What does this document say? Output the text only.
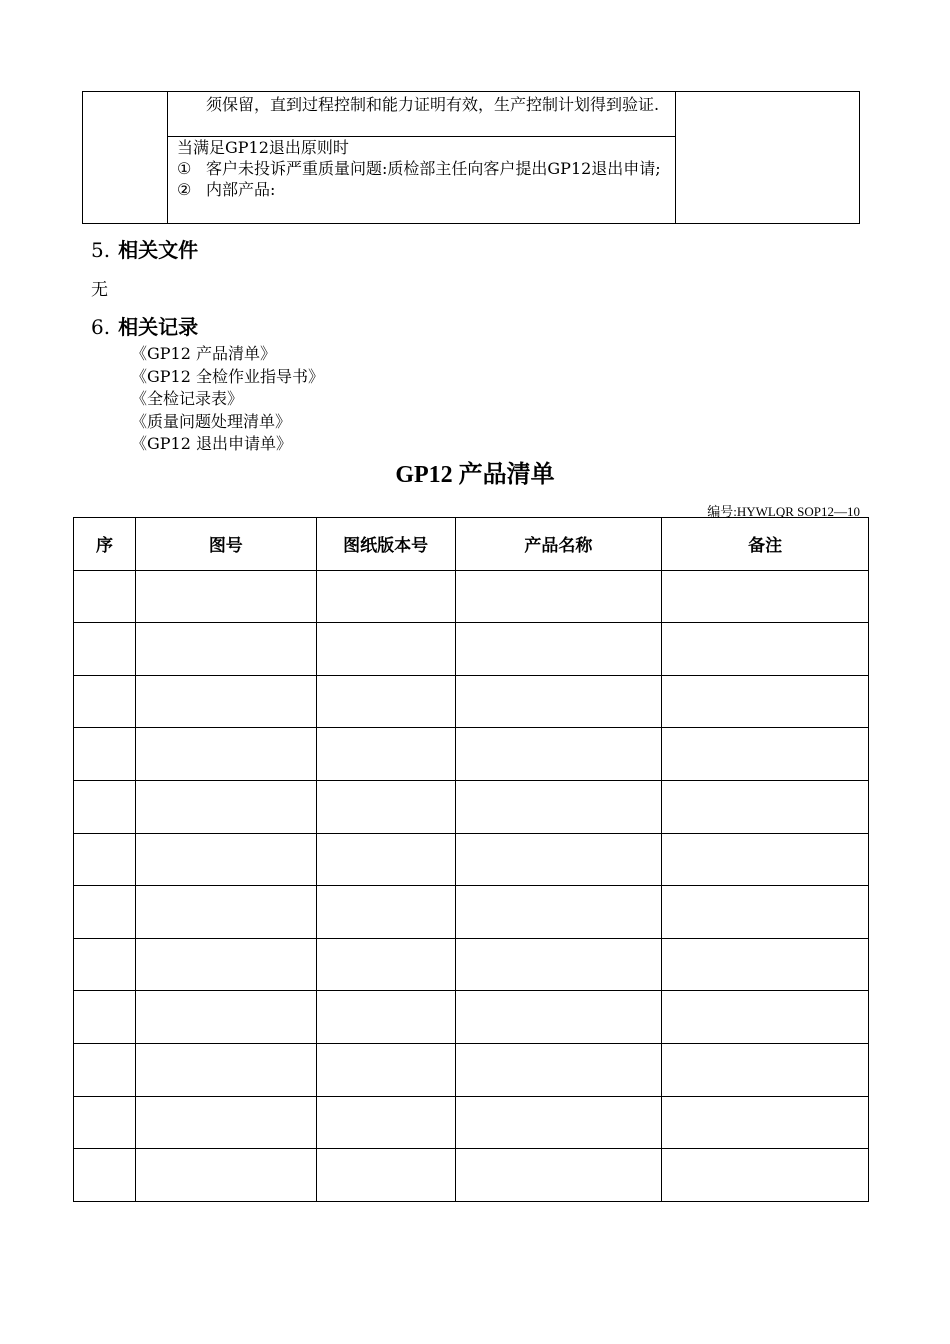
须保留，直到过程控制和能力证明有效，生产控制计划得到验证.
当满足GP12退出原则时
① 客户未投诉严重质量问题:质检部主任向客户提出GP12退出申请;
② 内部产品:
5. 相关文件
无
6. 相关记录
《GP12 产品清单》
《GP12 全检作业指导书》
《全检记录表》
《质量问题处理清单》
《GP12 退出申请单》
GP12 产品清单
编号:HYWLQR SOP12—10
序	图号	图纸版本号	产品名称	备注
